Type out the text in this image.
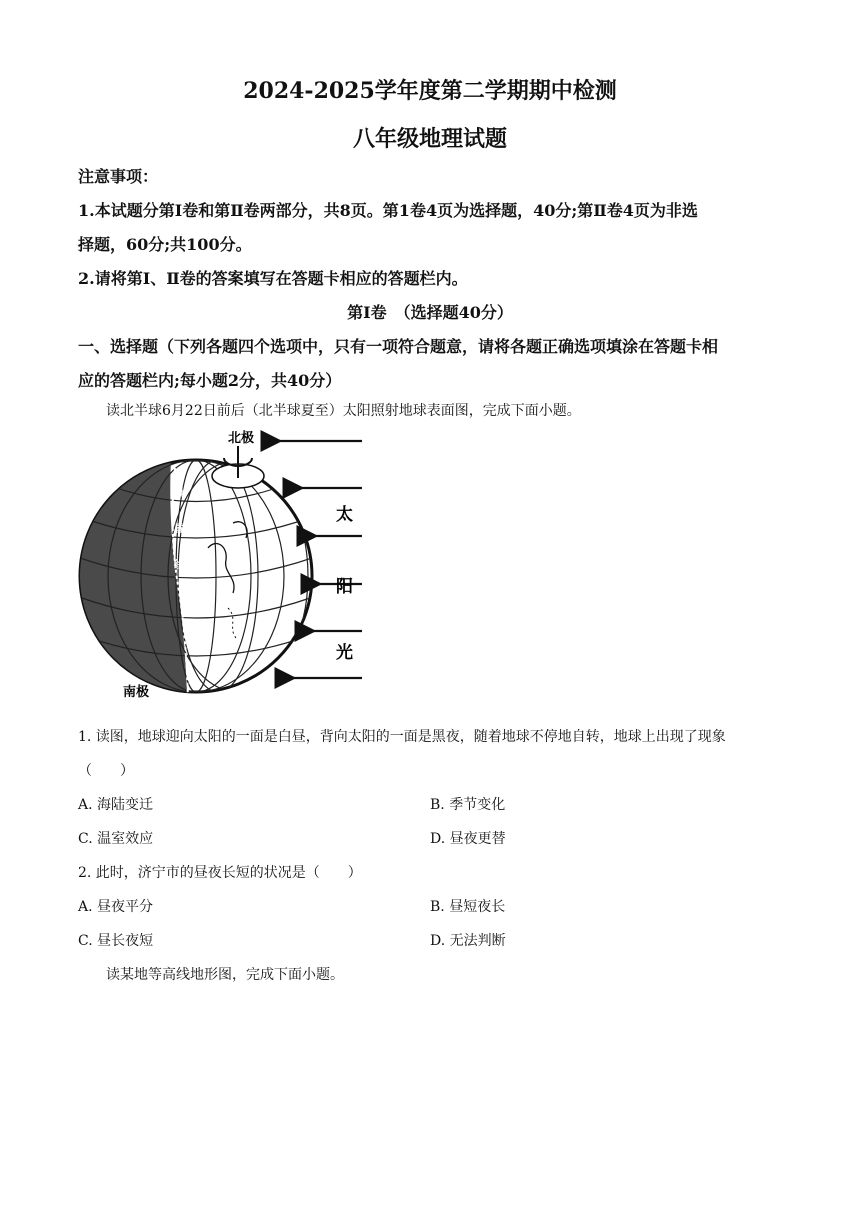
2024-2025学年度第二学期期中检测
八年级地理试题
注意事项：
1.本试题分第Ⅰ卷和第Ⅱ卷两部分，共8页。第1卷4页为选择题，40分;第Ⅱ卷4页为非选
择题，60分;共100分。
2.请将第Ⅰ、Ⅱ卷的答案填写在答题卡相应的答题栏内。
第Ⅰ卷　（选择题40分）
一、选择题（下列各题四个选项中，只有一项符合题意，请将各题正确选项填涂在答题卡相
应的答题栏内;每小题2分，共40分）
读北半球6月22日前后（北半球夏至）太阳照射地球表面图，完成下面小题。
北极
南极
晨
昏
线
太
阳
光
1. 读图，地球迎向太阳的一面是白昼，背向太阳的一面是黑夜，随着地球不停地自转，地球上出现了现象
（　　）
A. 海陆变迁	B. 季节变化
C. 温室效应	D. 昼夜更替
2. 此时，济宁市的昼夜长短的状况是（　　）
A. 昼夜平分	B. 昼短夜长
C. 昼长夜短	D. 无法判断
读某地等高线地形图，完成下面小题。
